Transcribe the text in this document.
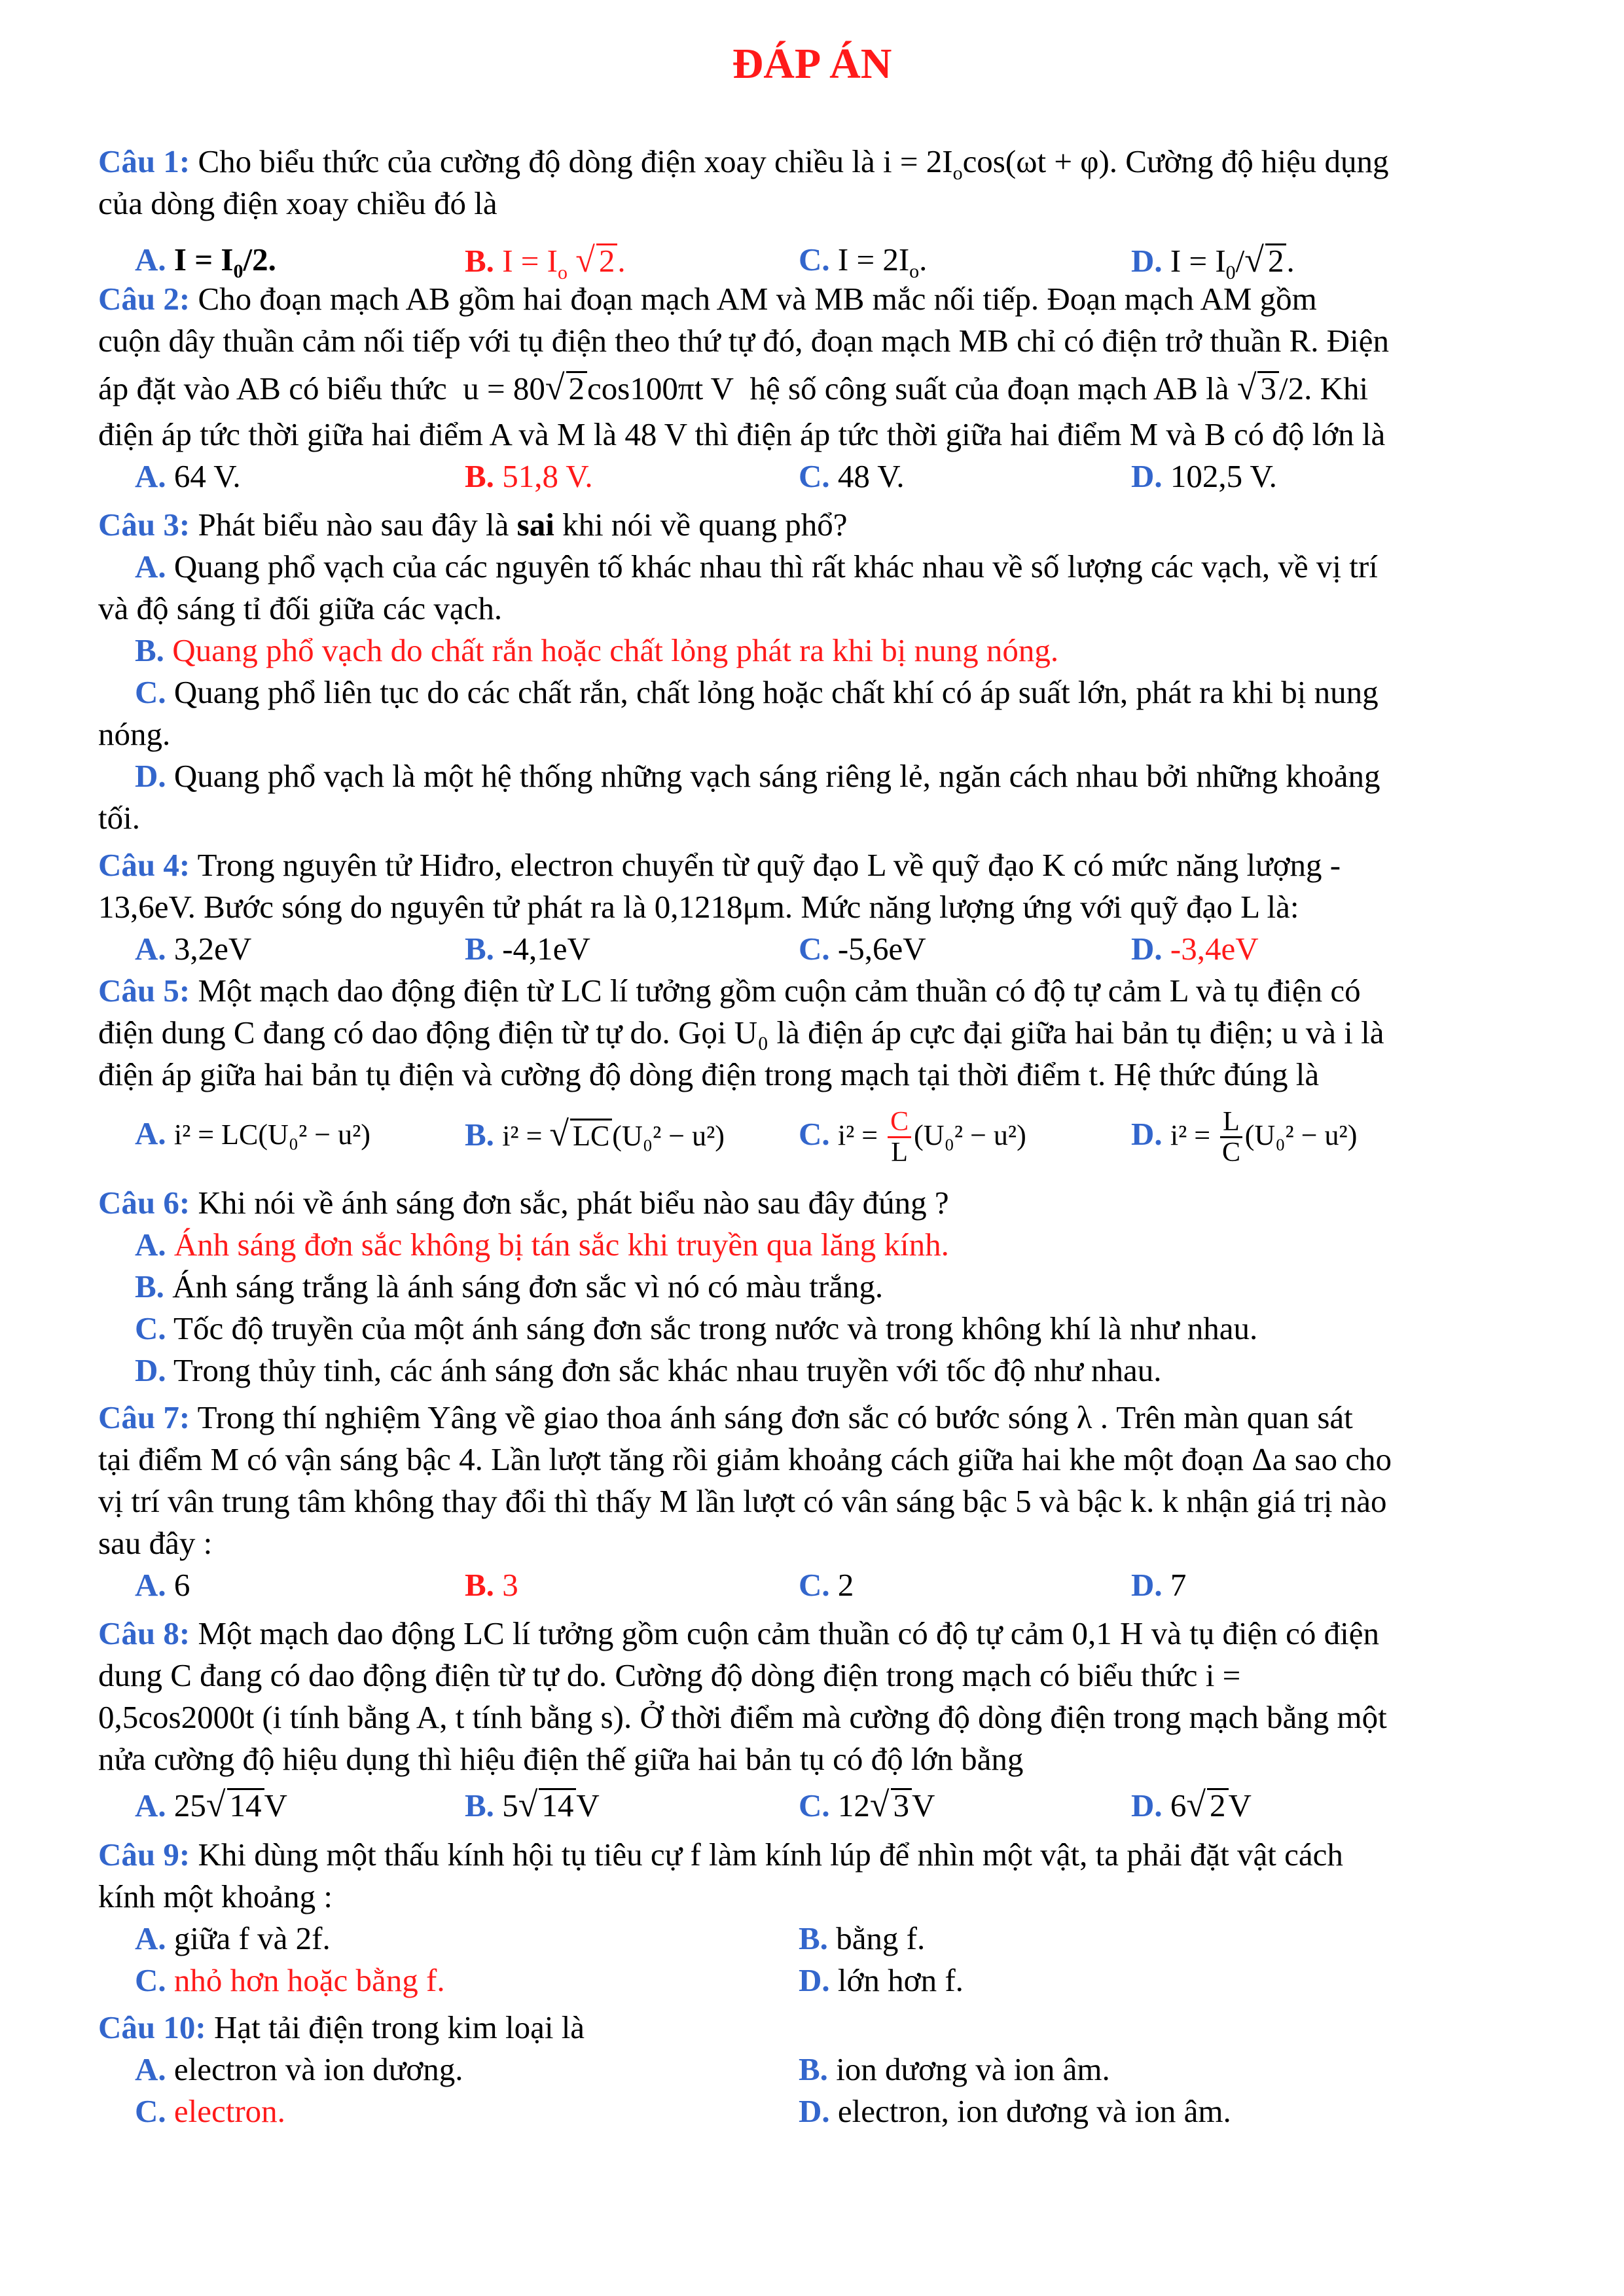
ĐÁP ÁN
Câu 1: Cho biểu thức của cường độ dòng điện xoay chiều là $i = 2I_o\cos(\omega t + \varphi)$. Cường độ hiệu dụng
của dòng điện xoay chiều đó là
A. $I = I_0/2$.	B. $I = I_o$ √ 2.	C. $I = 2I_o$.	D. $I = I_0/√$ 2.
Câu 2: Cho đoạn mạch AB gồm hai đoạn mạch AM và MB mắc nối tiếp. Đoạn mạch AM gồm
cuộn dây thuần cảm nối tiếp với tụ điện theo thứ tự đó, đoạn mạch MB chỉ có điện trở thuần R. Điện
áp đặt vào AB có biểu thức u = 80√ 2cos100πt V hệ số công suất của đoạn mạch AB là √ 3/2. Khi
điện áp tức thời giữa hai điểm A và M là 48 V thì điện áp tức thời giữa hai điểm M và B có độ lớn là
A. 64 V.	B. 51,8 V.	C. 48 V.	D. 102,5 V.
Câu 3: Phát biểu nào sau đây là sai khi nói về quang phổ?
A. Quang phổ vạch của các nguyên tố khác nhau thì rất khác nhau về số lượng các vạch, về vị trí
và độ sáng tỉ đối giữa các vạch.
B. Quang phổ vạch do chất rắn hoặc chất lỏng phát ra khi bị nung nóng.
C. Quang phổ liên tục do các chất rắn, chất lỏng hoặc chất khí có áp suất lớn, phát ra khi bị nung
nóng.
D. Quang phổ vạch là một hệ thống những vạch sáng riêng lẻ, ngăn cách nhau bởi những khoảng
tối.
Câu 4: Trong nguyên tử Hiđro, electron chuyển từ quỹ đạo L về quỹ đạo K có mức năng lượng -
13,6eV. Bước sóng do nguyên tử phát ra là 0,1218μm. Mức năng lượng ứng với quỹ đạo L là:
A. 3,2eV	B. -4,1eV	C. -5,6eV	D. -3,4eV
Câu 5: Một mạch dao động điện từ LC lí tưởng gồm cuộn cảm thuần có độ tự cảm L và tụ điện có
điện dung C đang có dao động điện từ tự do. Gọi U₀ là điện áp cực đại giữa hai bản tụ điện; u và i là
điện áp giữa hai bản tụ điện và cường độ dòng điện trong mạch tại thời điểm t. Hệ thức đúng là
A. i² = LC(U₀² − u²)	B. i² = √ LC(U₀² − u²) C. $i^2 = \frac{C}{L} (U_0^2 - u^2)$	D. $i^2 = \frac{L}{C} (U_0^2 - u^2)$
Câu 6: Khi nói về ánh sáng đơn sắc, phát biểu nào sau đây đúng ?
A. Ánh sáng đơn sắc không bị tán sắc khi truyền qua lăng kính.
B. Ánh sáng trắng là ánh sáng đơn sắc vì nó có màu trắng.
C. Tốc độ truyền của một ánh sáng đơn sắc trong nước và trong không khí là như nhau.
D. Trong thủy tinh, các ánh sáng đơn sắc khác nhau truyền với tốc độ như nhau.
Câu 7: Trong thí nghiệm Yâng về giao thoa ánh sáng đơn sắc có bước sóng λ . Trên màn quan sát
tại điểm M có vận sáng bậc 4. Lần lượt tăng rồi giảm khoảng cách giữa hai khe một đoạn Δa sao cho
vị trí vân trung tâm không thay đổi thì thấy M lần lượt có vân sáng bậc 5 và bậc k. k nhận giá trị nào
sau đây :
A. 6	B. 3	C. 2	D. 7
Câu 8: Một mạch dao động LC lí tưởng gồm cuộn cảm thuần có độ tự cảm 0,1 H và tụ điện có điện
dung C đang có dao động điện từ tự do. Cường độ dòng điện trong mạch có biểu thức i =
0,5cos2000t (i tính bằng A, t tính bằng s). Ở thời điểm mà cường độ dòng điện trong mạch bằng một
nửa cường độ hiệu dụng thì hiệu điện thế giữa hai bản tụ có độ lớn bằng
A. 25√ 14V	B. 5√ 14V	C. 12√ 3V	D. 6√ 2V
Câu 9: Khi dùng một thấu kính hội tụ tiêu cự f làm kính lúp để nhìn một vật, ta phải đặt vật cách
kính một khoảng :
A. giữa f và 2f.	B. bằng f.
C. nhỏ hơn hoặc bằng f.	D. lớn hơn f.
Câu 10: Hạt tải điện trong kim loại là
A. electron và ion dương.	B. ion dương và ion âm.
C. electron.	D. electron, ion dương và ion âm.
